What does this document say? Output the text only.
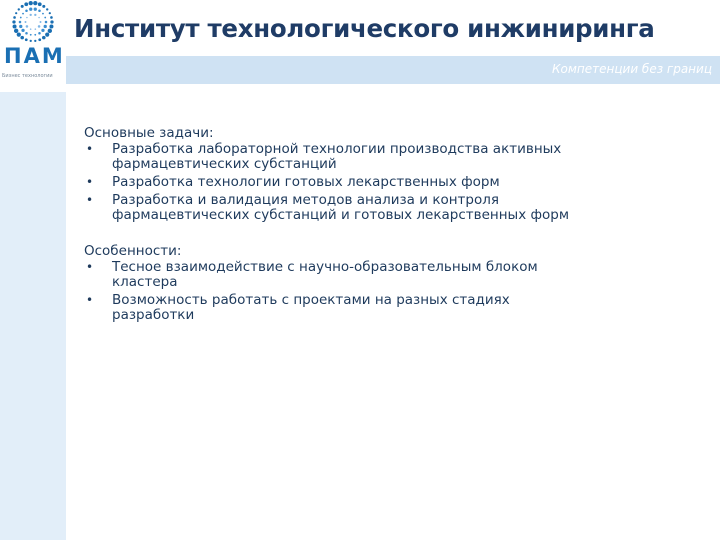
ПАМ
Бизнес технологии
Институт технологического инжиниринга
Компетенции без границ
Основные задачи:
• Разработка лабораторной технологии производства активных фармацевтических субстанций
• Разработка технологии готовых лекарственных форм
• Разработка и валидация методов анализа и контроля фармацевтических субстанций и готовых лекарственных форм
Особенности:
• Тесное взаимодействие с научно-образовательным блоком кластера
• Возможность работать с проектами на разных стадиях разработки
